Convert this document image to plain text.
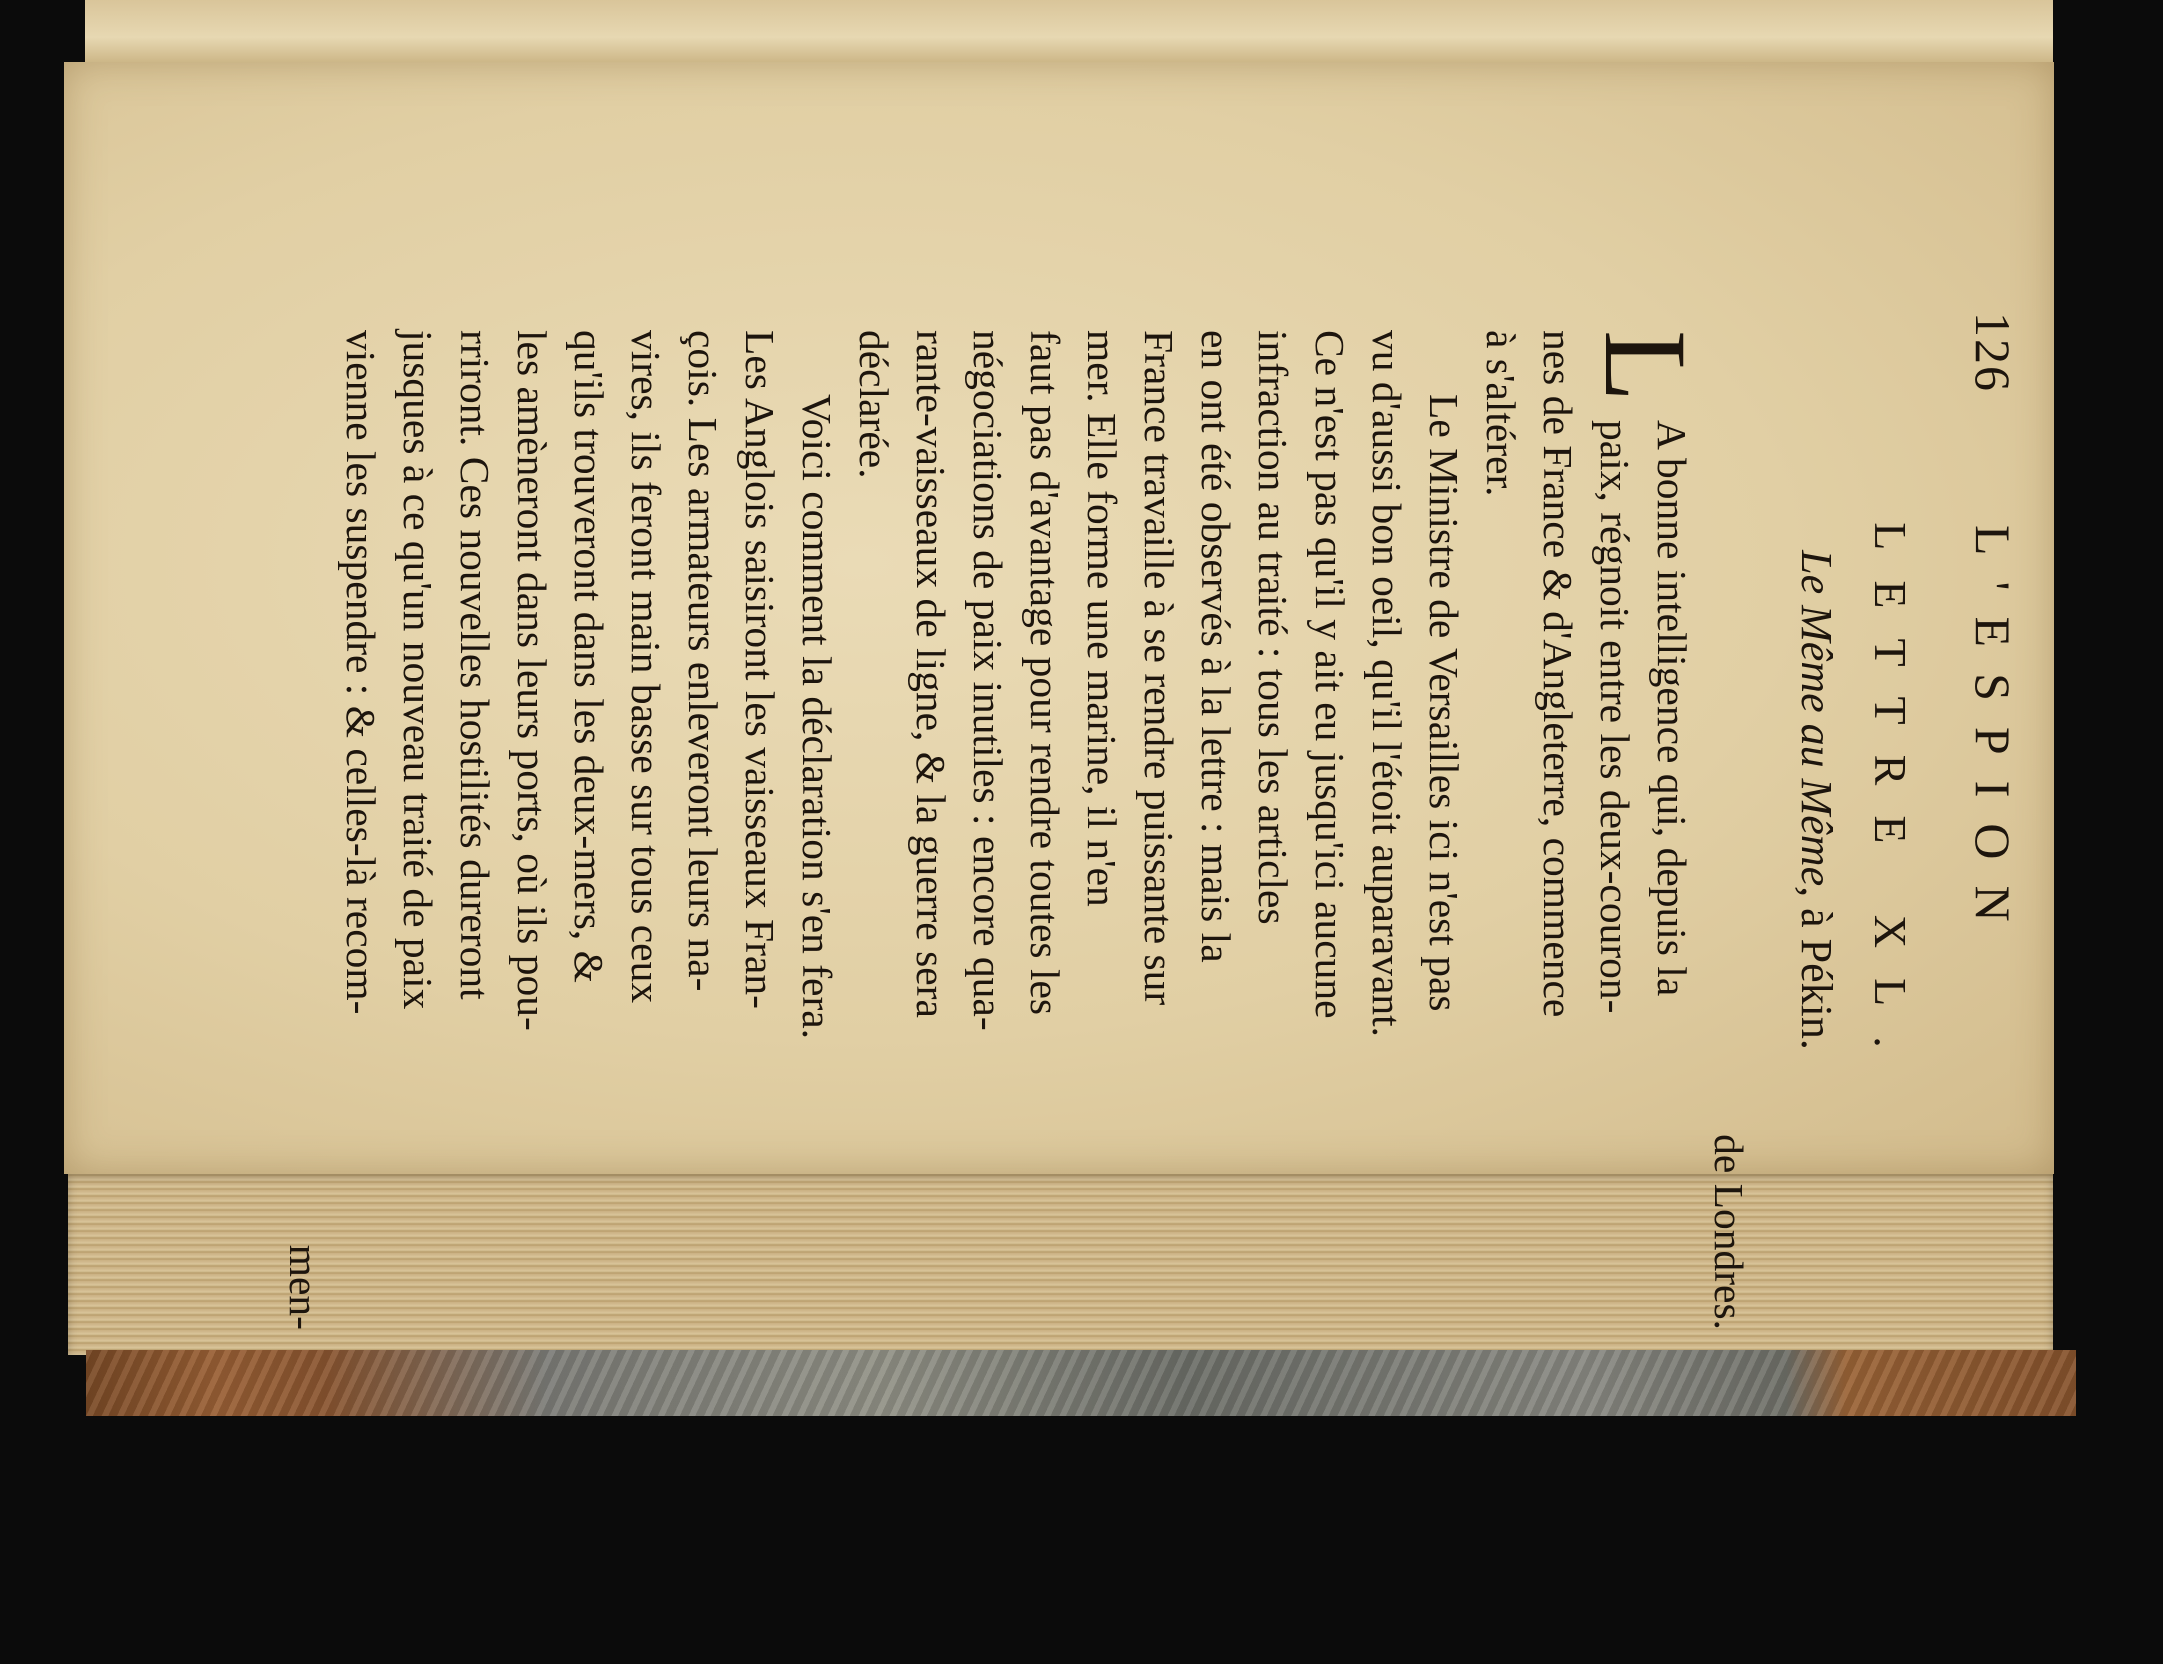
126
L'ESPION
LETTRE XL.
Le Même au Même, à Pékin.
de Londres.
L
A bonne intelligence qui, depuis la
paix, régnoit entre les deux-couron-
nes de France & d'Angleterre, commence
à s'altérer.
Le Ministre de Versailles ici n'est pas
vu d'aussi bon oeil, qu'il l'étoit auparavant.
Ce n'est pas qu'il y ait eu jusqu'ici aucune
infraction au traité : tous les articles
en ont été observés à la lettre : mais la
France travaille à se rendre puissante sur
mer. Elle forme une marine, il n'en
faut pas d'avantage pour rendre toutes les
négociations de paix inutiles : encore qua-
rante-vaisseaux de ligne, & la guerre sera
déclarée.
Voici comment la déclaration s'en fera.
Les Anglois saisiront les vaisseaux Fran-
çois. Les armateurs enleveront leurs na-
vires, ils feront main basse sur tous ceux
qu'ils trouveront dans les deux-mers, &
les amèneront dans leurs ports, où ils pou-
rriront. Ces nouvelles hostilités dureront
jusques à ce qu'un nouveau traité de paix
vienne les suspendre : & celles-là recom-
men-
